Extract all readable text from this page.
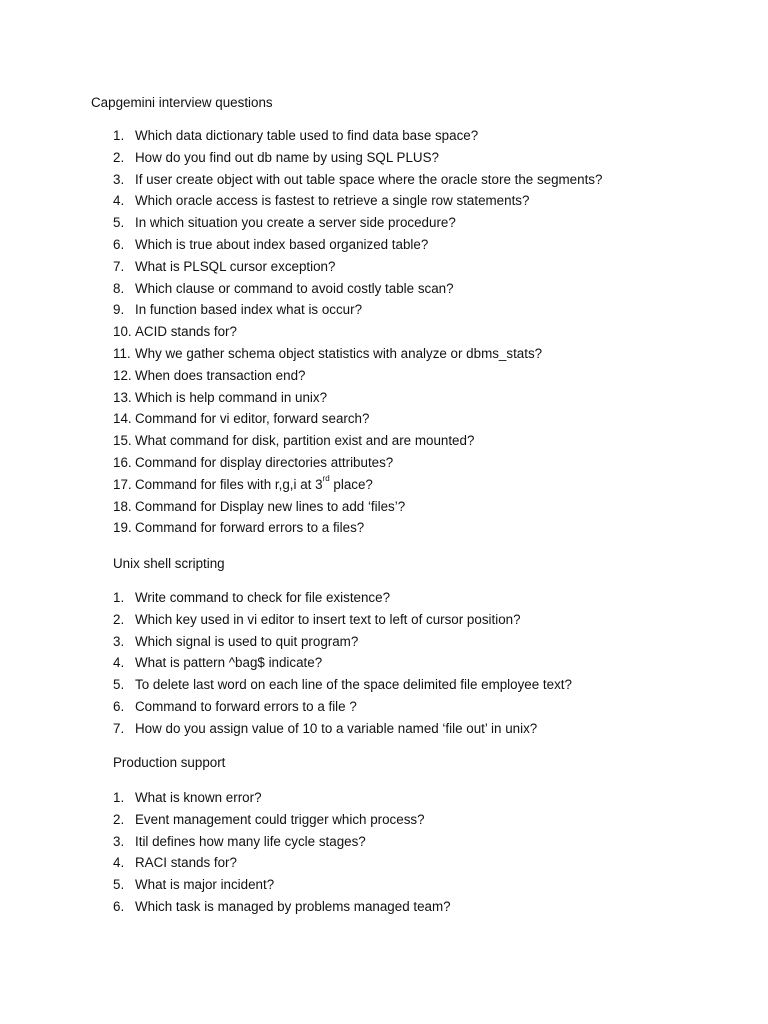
Capgemini interview questions
1. Which data dictionary table used to find data base space?
2. How do you find out db name by using SQL PLUS?
3. If user create object with out table space where the oracle store the segments?
4. Which oracle access is fastest to retrieve a single row statements?
5. In which situation you create a server side procedure?
6. Which is true about index based organized table?
7. What is PLSQL cursor exception?
8. Which clause or command to avoid costly table scan?
9. In function based index what is occur?
10. ACID stands for?
11. Why we gather schema object statistics with analyze or dbms_stats?
12. When does transaction end?
13. Which is help command in unix?
14. Command for vi editor, forward search?
15. What command for disk, partition exist and are mounted?
16. Command for display directories attributes?
17. Command for files with r,g,i at 3rd place?
18. Command for Display new lines to add ‘files’?
19. Command for forward errors to a files?
Unix shell scripting
1. Write command to check for file existence?
2. Which key used in vi editor to insert text to left of cursor position?
3. Which signal is used to quit program?
4. What is pattern ^bag$ indicate?
5. To delete last word on each line of the space delimited file employee text?
6. Command to forward errors to a file ?
7. How do you assign value of 10 to a variable named ‘file out’ in unix?
Production support
1. What is known error?
2. Event management could trigger which process?
3. Itil defines how many life cycle stages?
4. RACI stands for?
5. What is major incident?
6. Which task is managed by problems managed team?
